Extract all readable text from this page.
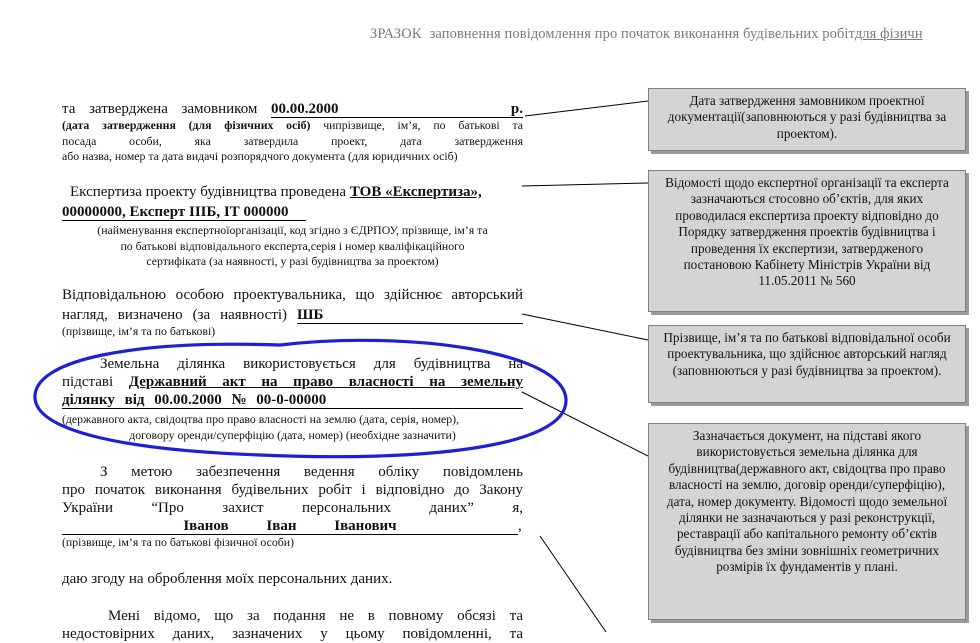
ЗРАЗОК заповнення повідомлення про початок виконання будівельних робітдля фізичн
та затверджена замовником 00.00.2000 р.
(дата затвердження (для фізичних осіб) чипрізвище, ім’я, по батькові та
посада особи, яка затвердила проект, дата затвердження
або назва, номер та дата видачі розпорядчого документа (для юридичних осіб)
Експертиза проекту будівництва проведена ТОВ «Експертиза»,
00000000, Експерт ІІІБ, ІТ 000000
(найменування експертноїорганізації, код згідно з ЄДРПОУ, прізвище, ім’я та
по батькові відповідального експерта,серія і номер кваліфікаційного
сертифіката (за наявності, у разі будівництва за проектом)
Відповідальною особою проектувальника, що здійснює авторський
нагляд, визначено (за наявності) ШБ
(прізвище, ім’я та по батькові)
Земельна ділянка використовується для будівництва на
підставі Державний акт на право власності на земельну
ділянку від 00.00.2000 № 00-0-00000
(державного акта, свідоцтва про право власності на землю (дата, серія, номер),
договору оренди/суперфіцію (дата, номер) (необхідне зазначити)
З метою забезпечення ведення обліку повідомлень
про початок виконання будівельних робіт і відповідно до Закону
України “Про захист персональних даних”	я,
Іванов Іван Іванович	,
(прізвище, ім’я та по батькові фізичної особи)
даю згоду на оброблення моїх персональних даних.
Мені відомо, що за подання не в повному обсязі та
недостовірних даних, зазначених у цьому повідомленні, та
Дата затвердження замовником проектної документації(заповнюються у разі будівництва за проектом).
Відомості щодо експертної організації та експерта зазначаються стосовно об’єктів, для яких проводилася експертиза проекту відповідно до Порядку затвердження проектів будівництва і проведення їх експертизи, затвердженого постановою Кабінету Міністрів України від 11.05.2011 № 560
Прізвище, ім’я та по батькові відповідальної особи проектувальника, що здійснює авторський нагляд (заповнюються у разі будівництва за проектом).
Зазначається документ, на підставі якого використовується земельна ділянка для будівництва(державного акт, свідоцтва про право власності на землю, договір оренди/суперфіцію), дата, номер документу. Відомості щодо земельної ділянки не зазначаються у разі реконструкції, реставрації або капітального ремонту об’єктів будівництва без зміни зовнішніх геометричних розмірів їх фундаментів у плані.
